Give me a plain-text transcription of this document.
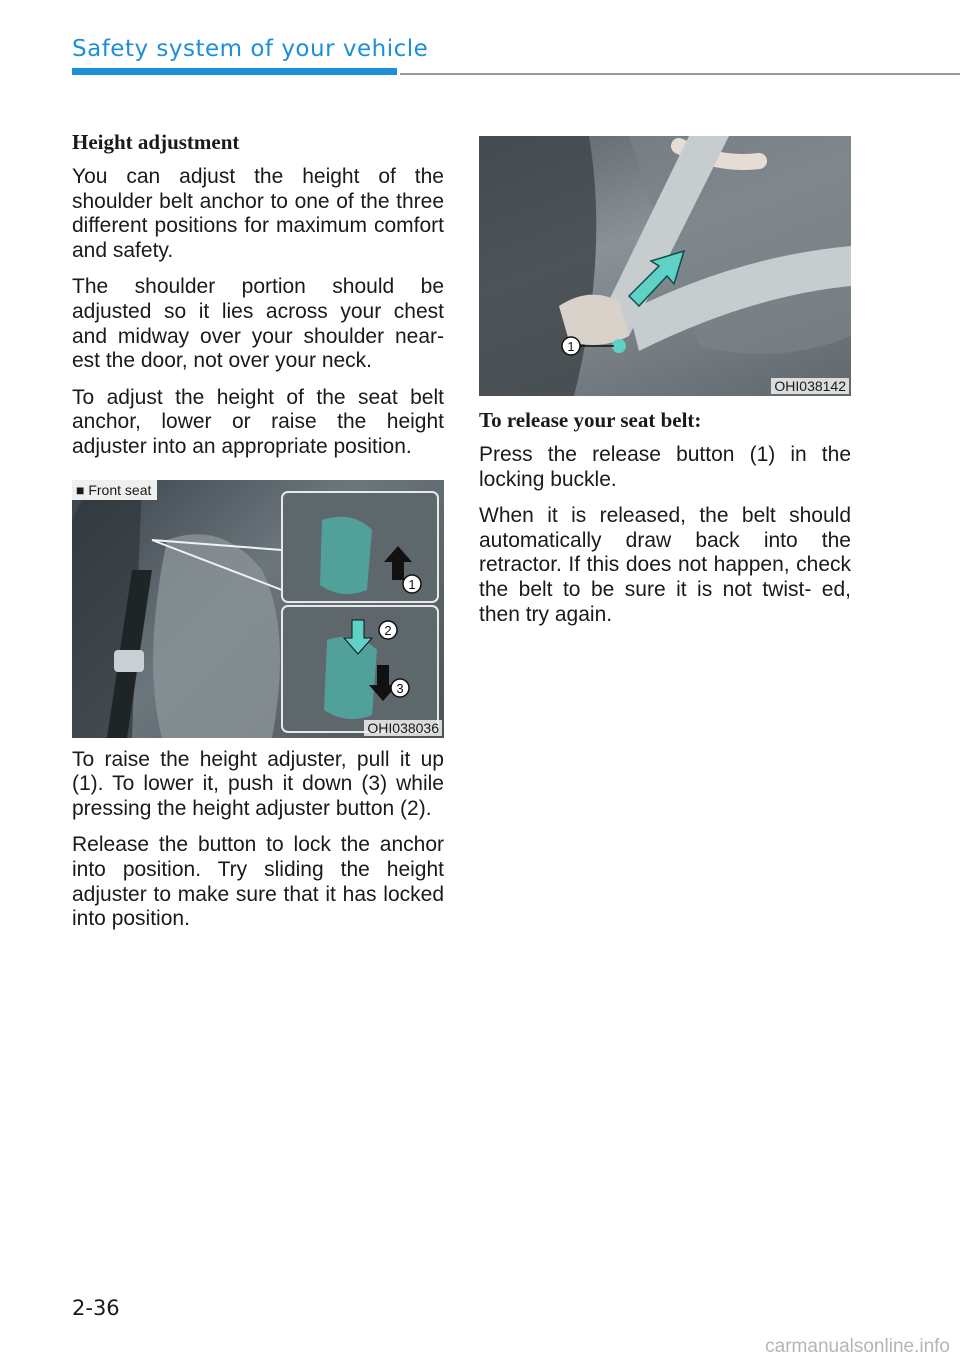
Safety system of your vehicle
Height adjustment

You can adjust the height of the shoulder belt anchor to one of the three different positions for maximum comfort and safety.

The shoulder portion should be adjusted so it lies across your chest and midway over your shoulder near- est the door, not over your neck.

To adjust the height of the seat belt anchor, lower or raise the height adjuster into an appropriate position.

1
2
3
■ Front seat
OHI038036

To raise the height adjuster, pull it up (1). To lower it, push it down (3) while pressing the height adjuster button (2).

Release the button to lock the anchor into position. Try sliding the height adjuster to make sure that it has locked into position.

1
OHI038142
To release your seat belt:

Press the release button (1) in the locking buckle.

When it is released, the belt should automatically draw back into the retractor. If this does not happen, check the belt to be sure it is not twist- ed, then try again.

2-36
carmanualsonline.info
